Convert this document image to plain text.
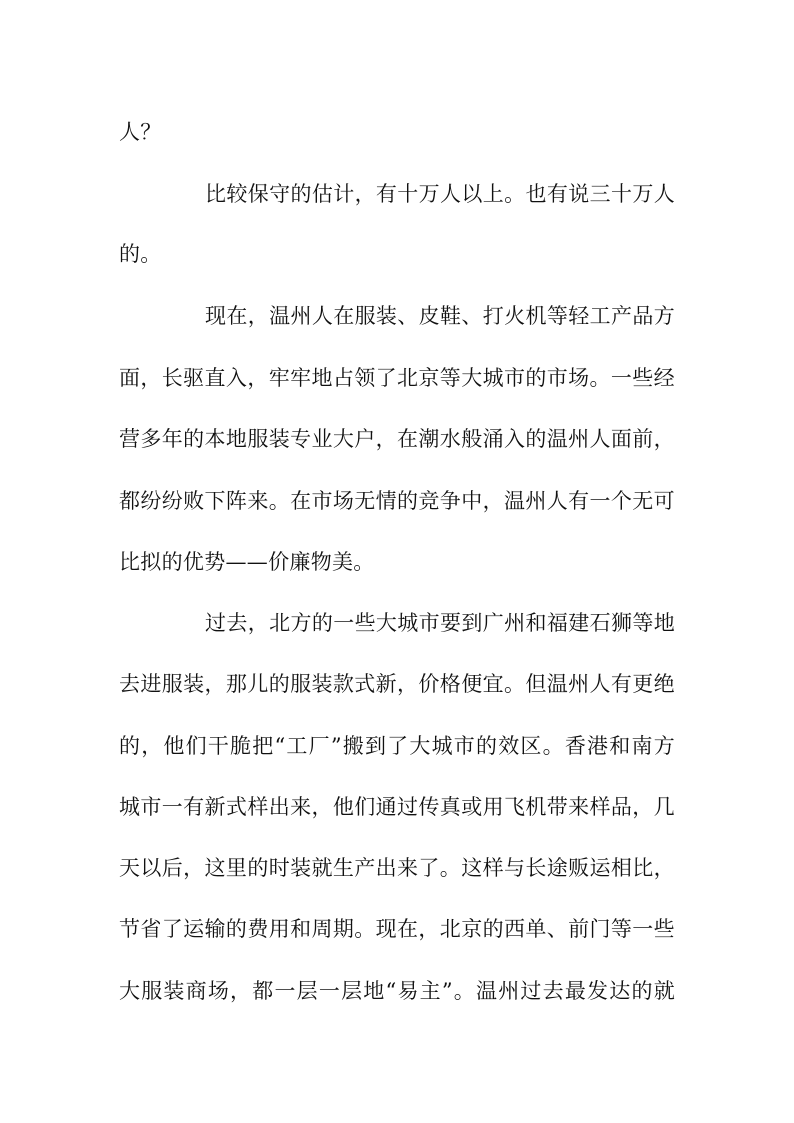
人？
比较保守的估计，有十万人以上。也有说三十万人
的。
现在，温州人在服装、皮鞋、打火机等轻工产品方
面，长驱直入，牢牢地占领了北京等大城市的市场。一些经
营多年的本地服装专业大户，在潮水般涌入的温州人面前，
都纷纷败下阵来。在市场无情的竞争中，温州人有一个无可
比拟的优势——价廉物美。
过去，北方的一些大城市要到广州和福建石狮等地
去进服装，那儿的服装款式新，价格便宜。但温州人有更绝
的，他们干脆把“工厂”搬到了大城市的效区。香港和南方
城市一有新式样出来，他们通过传真或用飞机带来样品，几
天以后，这里的时装就生产出来了。这样与长途贩运相比，
节省了运输的费用和周期。现在，北京的西单、前门等一些
大服装商场，都一层一层地“易主”。温州过去最发达的就
